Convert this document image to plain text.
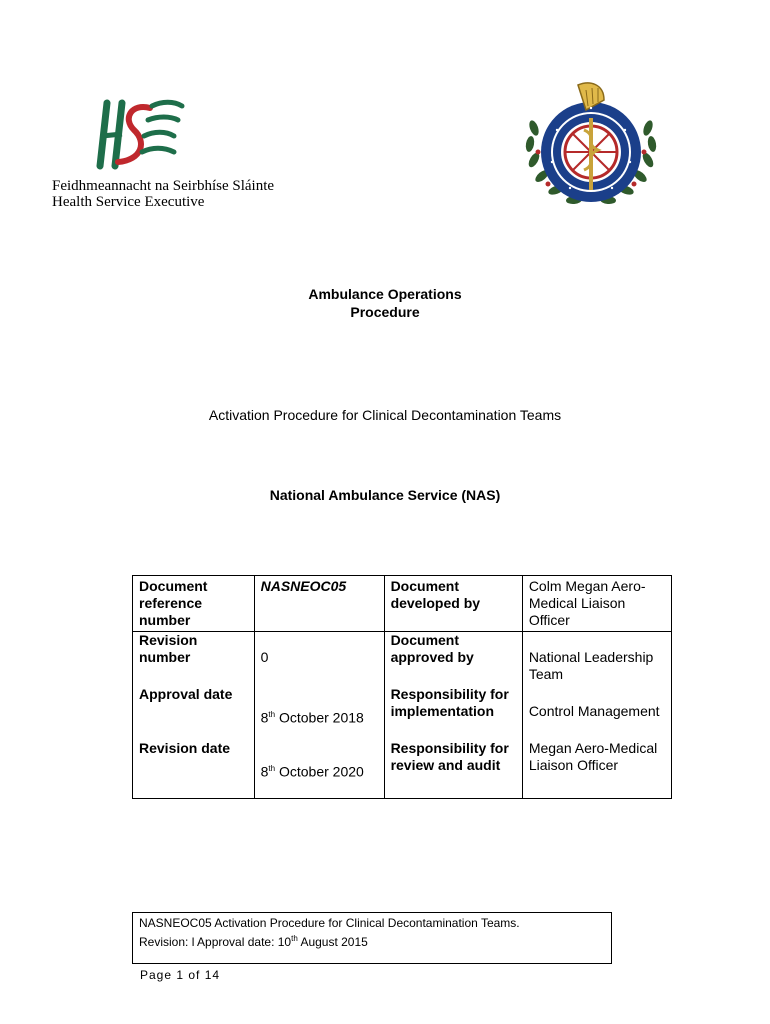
Feidhmeannacht na Seirbhíse Sláinte
Health Service Executive
Ambulance Operations
Procedure
Activation Procedure for Clinical Decontamination Teams
National Ambulance Service (NAS)
Document reference number	NASNEOC05	Document developed by	Colm Megan Aero-Medical Liaison Officer
Revision number	0	Document approved by	National Leadership Team

Approval date	8th October 2018	Responsibility for implementation	Control Management

Revision date	8th October 2020	Responsibility for review and audit	Megan Aero-Medical Liaison Officer
NASNEOC05 Activation Procedure for Clinical Decontamination Teams.
Revision: l Approval date: 10th August 2015
Page 1 of 14
